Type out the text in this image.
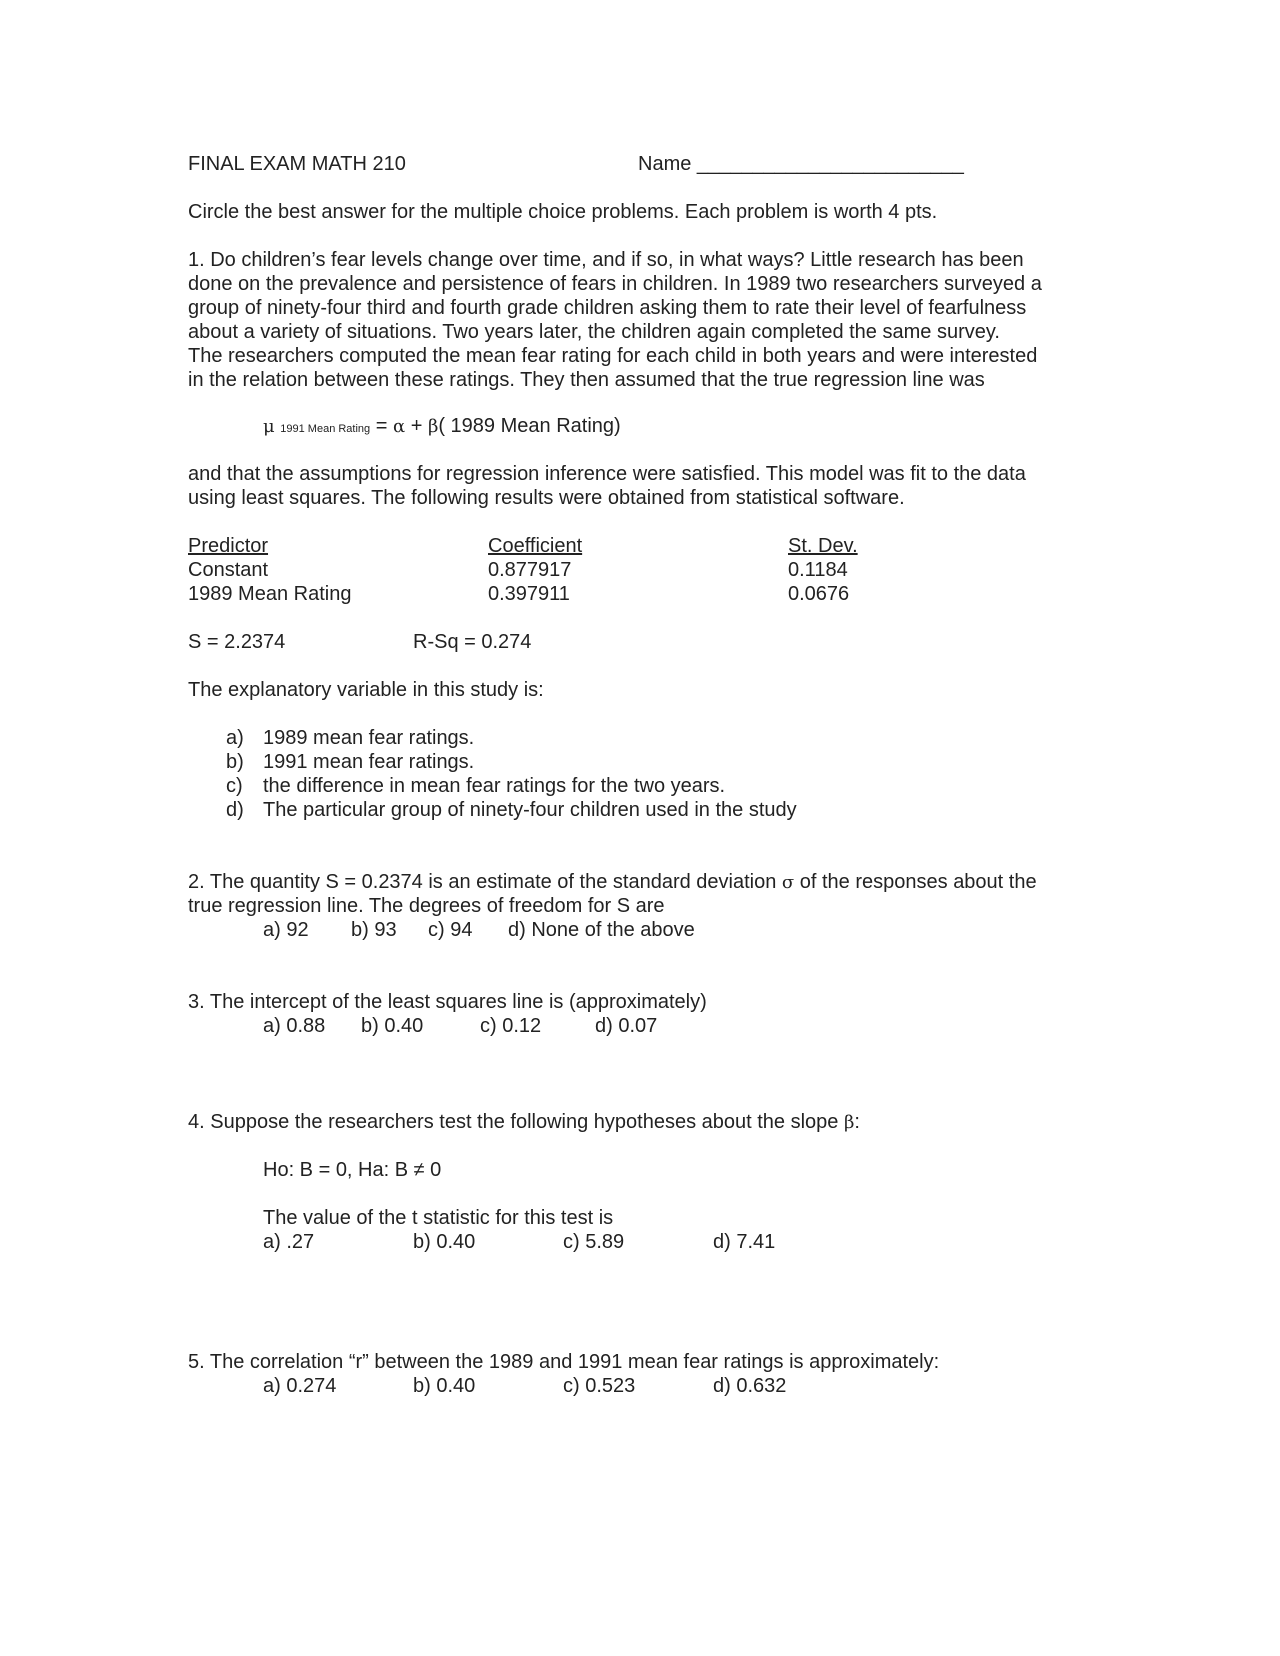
FINAL EXAM MATH 210	Name ________________________
Circle the best answer for the multiple choice problems. Each problem is worth 4 pts.
1. Do children’s fear levels change over time, and if so, in what ways? Little research has been
done on the prevalence and persistence of fears in children. In 1989 two researchers surveyed a
group of ninety-four third and fourth grade children asking them to rate their level of fearfulness
about a variety of situations. Two years later, the children again completed the same survey.
The researchers computed the mean fear rating for each child in both years and were interested
in the relation between these ratings. They then assumed that the true regression line was
μ 1991 Mean Rating = α + β( 1989 Mean Rating)
and that the assumptions for regression inference were satisfied. This model was fit to the data
using least squares. The following results were obtained from statistical software.
Predictor	Coefficient	St. Dev.
Constant	0.877917	0.1184
1989 Mean Rating	0.397911	0.0676
S = 2.2374	R-Sq = 0.274
The explanatory variable in this study is:
a) 1989 mean fear ratings.
b) 1991 mean fear ratings.
c) the difference in mean fear ratings for the two years.
d) The particular group of ninety-four children used in the study
2. The quantity S = 0.2374 is an estimate of the standard deviation σ of the responses about the
true regression line. The degrees of freedom for S are
a) 92 b) 93 c) 94 d) None of the above
3. The intercept of the least squares line is (approximately)
a) 0.88 b) 0.40	c) 0.12	d) 0.07
4. Suppose the researchers test the following hypotheses about the slope β:
Ho: B = 0, Ha: B ≠ 0
The value of the t statistic for this test is
a) .27	b) 0.40	c) 5.89	d) 7.41
5. The correlation “r” between the 1989 and 1991 mean fear ratings is approximately:
a) 0.274	b) 0.40	c) 0.523	d) 0.632
